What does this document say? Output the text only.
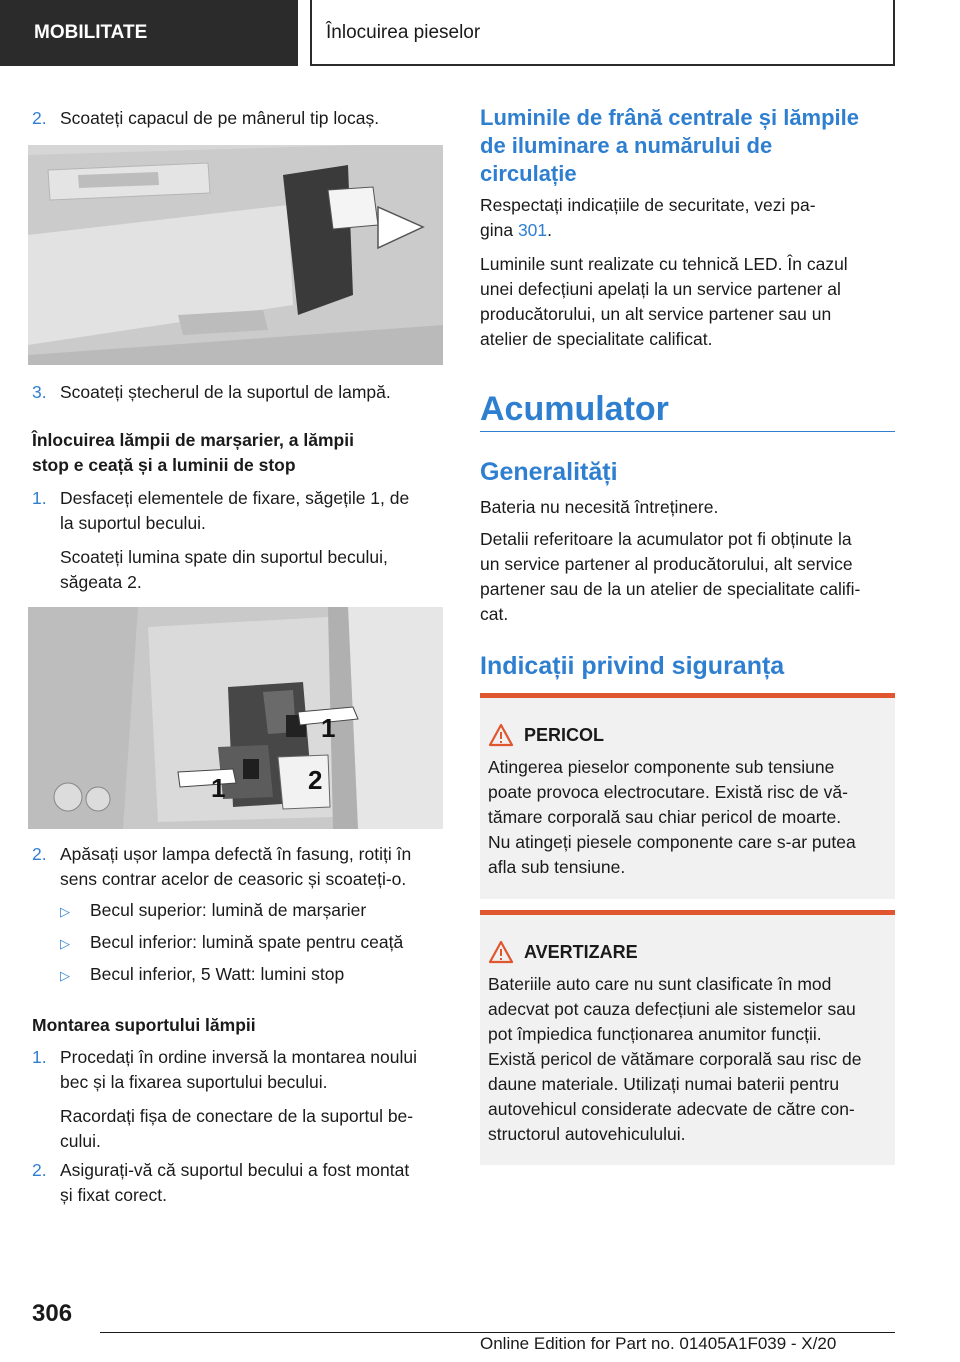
MOBILITATE	Înlocuirea pieselor
2. Scoateți capacul de pe mânerul tip locaș.
3. Scoateți ștecherul de la suportul de lampă.
Înlocuirea lămpii de marșarier, a lămpii
stop e ceață și a luminii de stop
1. Desfaceți elementele de fixare, săgețile 1, de
la suportul becului.
Scoateți lumina spate din suportul becului,
săgeata 2.
1
1	2
2. Apăsați ușor lampa defectă în fasung, rotiți în
sens contrar acelor de ceasoric și scoateți-o.
▷ Becul superior: lumină de marșarier
▷ Becul inferior: lumină spate pentru ceață
▷ Becul inferior, 5 Watt: lumini stop
Montarea suportului lămpii
1. Procedați în ordine inversă la montarea noului
bec și la fixarea suportului becului.
Racordați fișa de conectare de la suportul be-
cului.
2. Asigurați-vă că suportul becului a fost montat
și fixat corect.
Luminile de frână centrale și lămpile
de iluminare a numărului de
circulație
Respectați indicațiile de securitate, vezi pa-
gina 301.
Luminile sunt realizate cu tehnică LED. În cazul
unei defecțiuni apelați la un service partener al
producătorului, un alt service partener sau un
atelier de specialitate calificat.
Acumulator
Generalități
Bateria nu necesită întreținere.
Detalii referitoare la acumulator pot fi obținute la
un service partener al producătorului, alt service
partener sau de la un atelier de specialitate califi-
cat.
Indicații privind siguranța
PERICOL
Atingerea pieselor componente sub tensiune
poate provoca electrocutare. Există risc de vă-
tămare corporală sau chiar pericol de moarte.
Nu atingeți piesele componente care s-ar putea
afla sub tensiune.
AVERTIZARE
Bateriile auto care nu sunt clasificate în mod
adecvat pot cauza defecțiuni ale sistemelor sau
pot împiedica funcționarea anumitor funcții.
Există pericol de vătămare corporală sau risc de
daune materiale. Utilizați numai baterii pentru
autovehicul considerate adecvate de către con-
structorul autovehiculului.
306
Online Edition for Part no. 01405A1F039 - X/20
